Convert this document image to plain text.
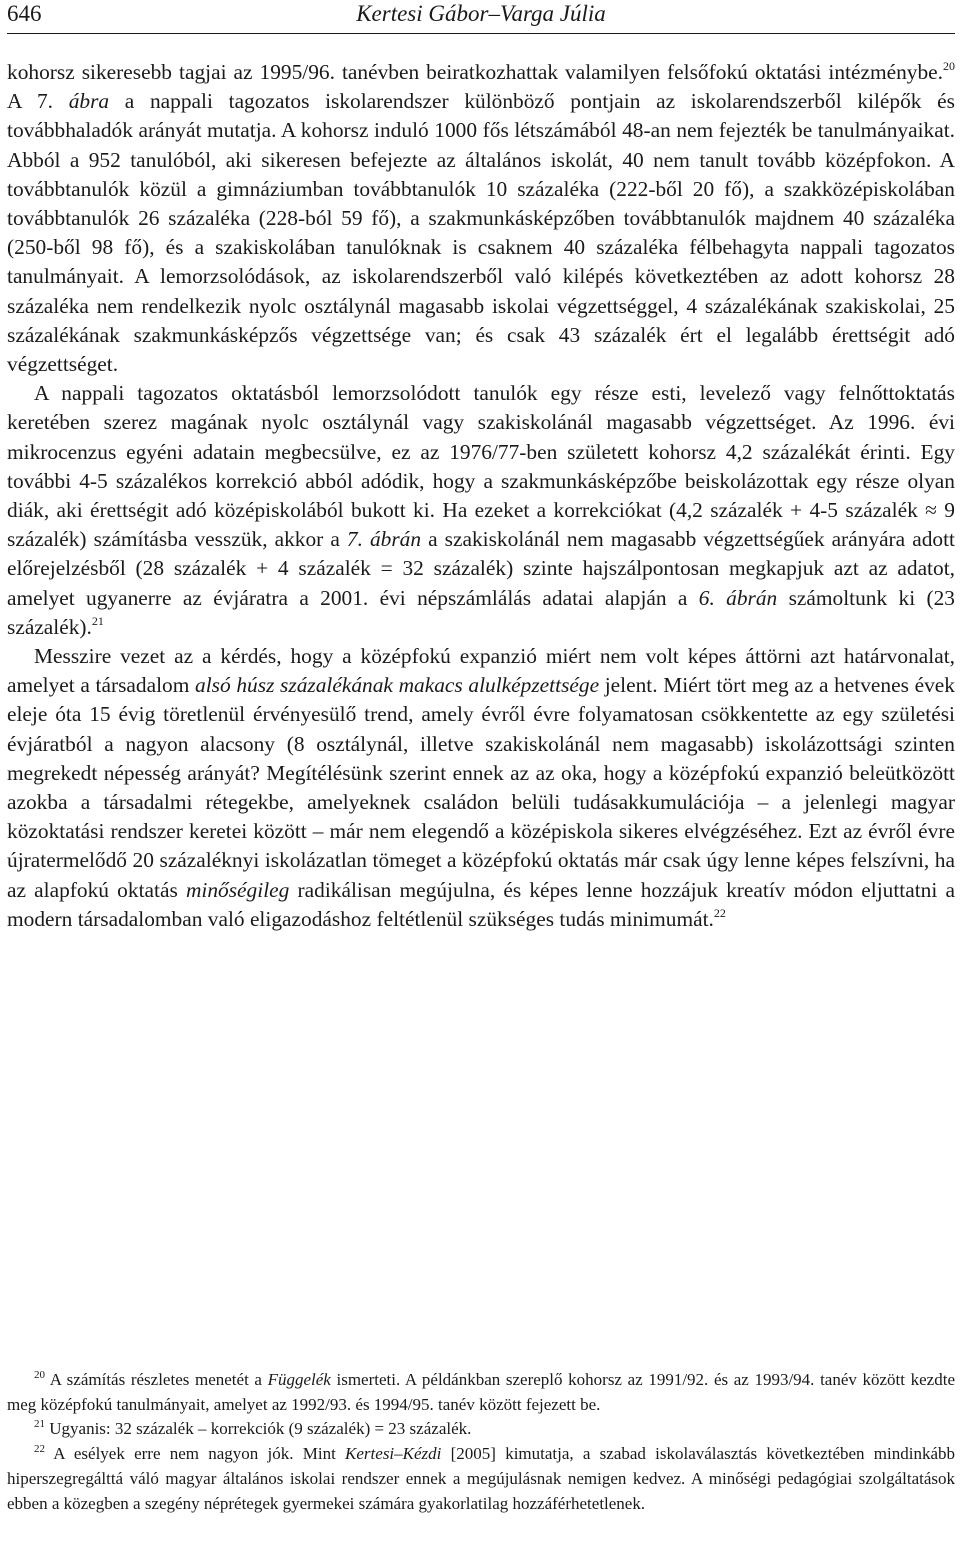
646	Kertesi Gábor–Varga Júlia

kohorsz sikeresebb tagjai az 1995/96. tanévben beiratkozhattak valamilyen felsőfokú oktatási intézménybe.$^{20}$ A 7. ábra a nappali tagozatos iskolarendszer különböző pontjain az iskolarendszerből kilépők és továbbhaladók arányát mutatja. A kohorsz induló 1000 fős létszámából 48-an nem fejezték be tanulmányaikat. Abból a 952 tanulóból, aki sikeresen befejezte az általános iskolát, 40 nem tanult tovább középfokon. A továbbtanulók közül a gimnáziumban továbbtanulók 10 százaléka (222-ből 20 fő), a szakközépiskolában továbbtanulók 26 százaléka (228-ból 59 fő), a szakmunkásképzőben továbbtanulók majdnem 40 százaléka (250-ből 98 fő), és a szakiskolában tanulóknak is csaknem 40 százaléka félbehagyta nappali tagozatos tanulmányait. A lemorzsolódások, az iskolarendszerből való kilépés következtében az adott kohorsz 28 százaléka nem rendelkezik nyolc osztálynál magasabb iskolai végzettséggel, 4 százalékának szakiskolai, 25 százalékának szakmunkásképzős végzettsége van; és csak 43 százalék ért el legalább érettségit adó végzettséget.

A nappali tagozatos oktatásból lemorzsolódott tanulók egy része esti, levelező vagy felnőttoktatás keretében szerez magának nyolc osztálynál vagy szakiskolánál magasabb végzettséget. Az 1996. évi mikrocenzus egyéni adatain megbecsülve, ez az 1976/77-ben született kohorsz 4,2 százalékát érinti. Egy további 4-5 százalékos korrekció abból adódik, hogy a szakmunkásképzőbe beiskolázottak egy része olyan diák, aki érettségit adó középiskolából bukott ki. Ha ezeket a korrekciókat (4,2 százalék + 4-5 százalék ≈ 9 százalék) számításba vesszük, akkor a 7. ábrán a szakiskolánál nem magasabb végzettségűek arányára adott előrejelzésből (28 százalék + 4 százalék = 32 százalék) szinte hajszálpontosan megkapjuk azt az adatot, amelyet ugyanerre az évjáratra a 2001. évi népszámlálás adatai alapján a 6. ábrán számoltunk ki (23 százalék).$^{21}$

Messzire vezet az a kérdés, hogy a középfokú expanzió miért nem volt képes áttörni azt határvonalat, amelyet a társadalom alsó húsz százalékának makacs alulképzettsége jelent. Miért tört meg az a hetvenes évek eleje óta 15 évig töretlenül érvényesülő trend, amely évről évre folyamatosan csökkentette az egy születési évjáratból a nagyon alacsony (8 osztálynál, illetve szakiskolánál nem magasabb) iskolázottsági szinten megrekedt népesség arányát? Megítélésünk szerint ennek az az oka, hogy a középfokú expanzió beleütközött azokba a társadalmi rétegekbe, amelyeknek családon belüli tudásakkumulációja – a jelenlegi magyar közoktatási rendszer keretei között – már nem elegendő a középiskola sikeres elvégzéséhez. Ezt az évről évre újratermelődő 20 százaléknyi iskolázatlan tömeget a középfokú oktatás már csak úgy lenne képes felszívni, ha az alapfokú oktatás minőségileg radikálisan megújulna, és képes lenne hozzájuk kreatív módon eljuttatni a modern társadalomban való eligazodáshoz feltétlenül szükséges tudás minimumát.$^{22}$

$^{20}$ A számítás részletes menetét a Függelék ismerteti. A példánkban szereplő kohorsz az 1991/92. és az 1993/94. tanév között kezdte meg középfokú tanulmányait, amelyet az 1992/93. és 1994/95. tanév között fejezett be.

$^{21}$ Ugyanis: 32 százalék – korrekciók (9 százalék) = 23 százalék.

$^{22}$ A esélyek erre nem nagyon jók. Mint Kertesi–Kézdi [2005] kimutatja, a szabad iskolaválasztás következtében mindinkább hiperszegregálttá váló magyar általános iskolai rendszer ennek a megújulásnak nemigen kedvez. A minőségi pedagógiai szolgáltatások ebben a közegben a szegény néprétegek gyermekei számára gyakorlatilag hozzáférhetetlenek.
